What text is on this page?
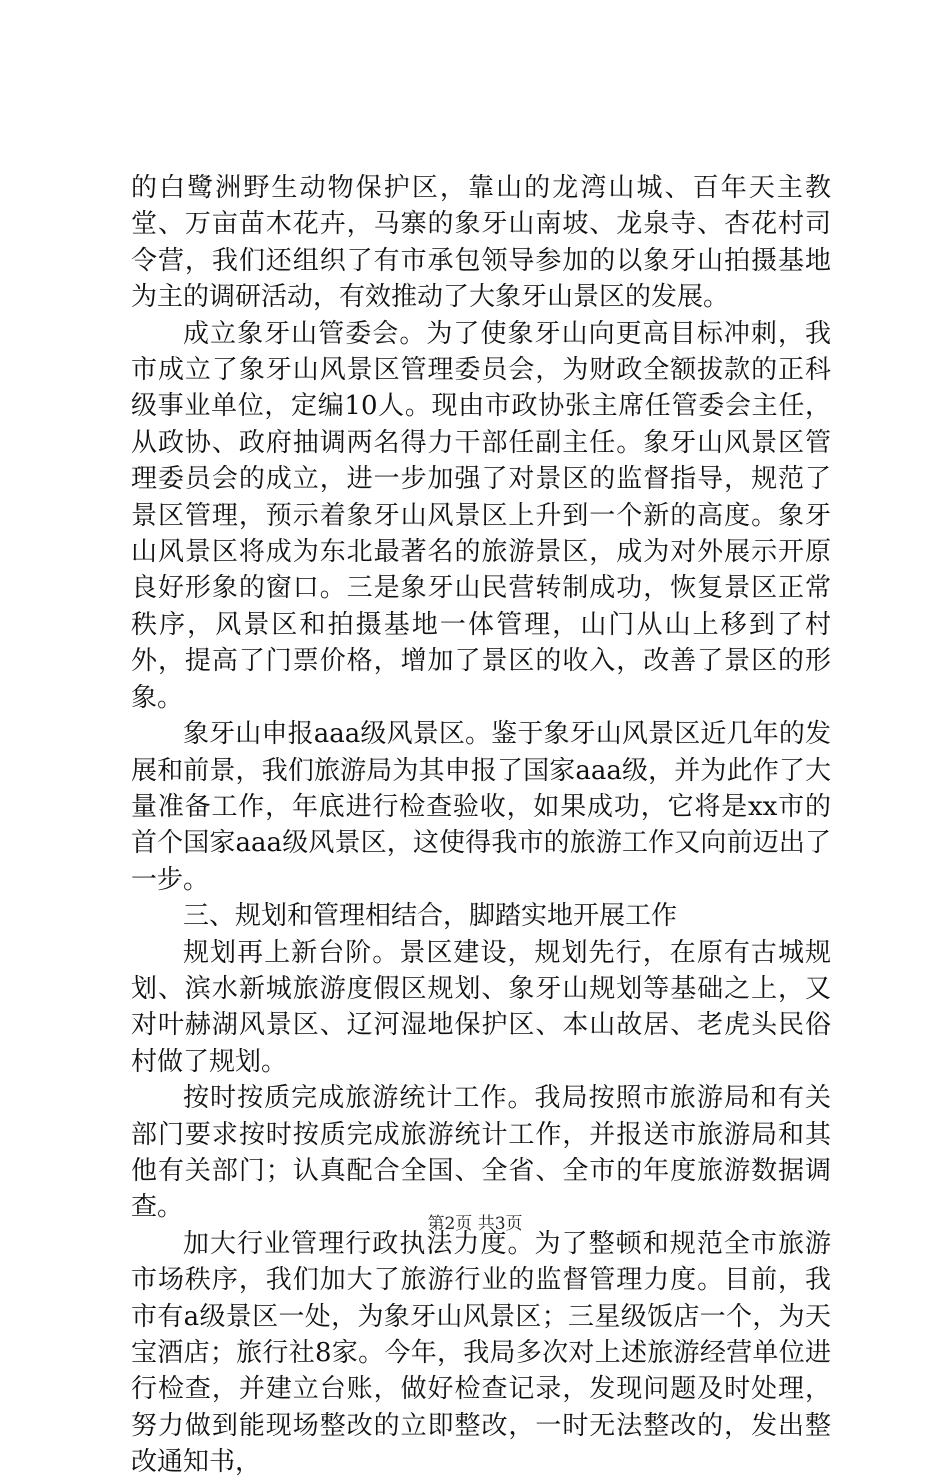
的白鹭洲野生动物保护区，靠山的龙湾山城、百年天主教堂、万亩苗木花卉，马寨的象牙山南坡、龙泉寺、杏花村司令营，我们还组织了有市承包领导参加的以象牙山拍摄基地为主的调研活动，有效推动了大象牙山景区的发展。

成立象牙山管委会。为了使象牙山向更高目标冲刺，我市成立了象牙山风景区管理委员会，为财政全额拔款的正科级事业单位，定编10人。现由市政协张主席任管委会主任，从政协、政府抽调两名得力干部任副主任。象牙山风景区管理委员会的成立，进一步加强了对景区的监督指导，规范了景区管理，预示着象牙山风景区上升到一个新的高度。象牙山风景区将成为东北最著名的旅游景区，成为对外展示开原良好形象的窗口。三是象牙山民营转制成功，恢复景区正常秩序，风景区和拍摄基地一体管理，山门从山上移到了村外，提高了门票价格，增加了景区的收入，改善了景区的形象。

象牙山申报aaa级风景区。鉴于象牙山风景区近几年的发展和前景，我们旅游局为其申报了国家aaa级，并为此作了大量准备工作，年底进行检查验收，如果成功，它将是xx市的首个国家aaa级风景区，这使得我市的旅游工作又向前迈出了一步。

三、规划和管理相结合，脚踏实地开展工作

规划再上新台阶。景区建设，规划先行，在原有古城规划、滨水新城旅游度假区规划、象牙山规划等基础之上，又对叶赫湖风景区、辽河湿地保护区、本山故居、老虎头民俗村做了规划。

按时按质完成旅游统计工作。我局按照市旅游局和有关部门要求按时按质完成旅游统计工作，并报送市旅游局和其他有关部门；认真配合全国、全省、全市的年度旅游数据调查。

加大行业管理行政执法力度。为了整顿和规范全市旅游市场秩序，我们加大了旅游行业的监督管理力度。目前，我市有a级景区一处，为象牙山风景区；三星级饭店一个，为天宝酒店；旅行社8家。今年，我局多次对上述旅游经营单位进行检查，并建立台账，做好检查记录，发现问题及时处理，努力做到能现场整改的立即整改，一时无法整改的，发出整改通知书，

第2页 共3页
